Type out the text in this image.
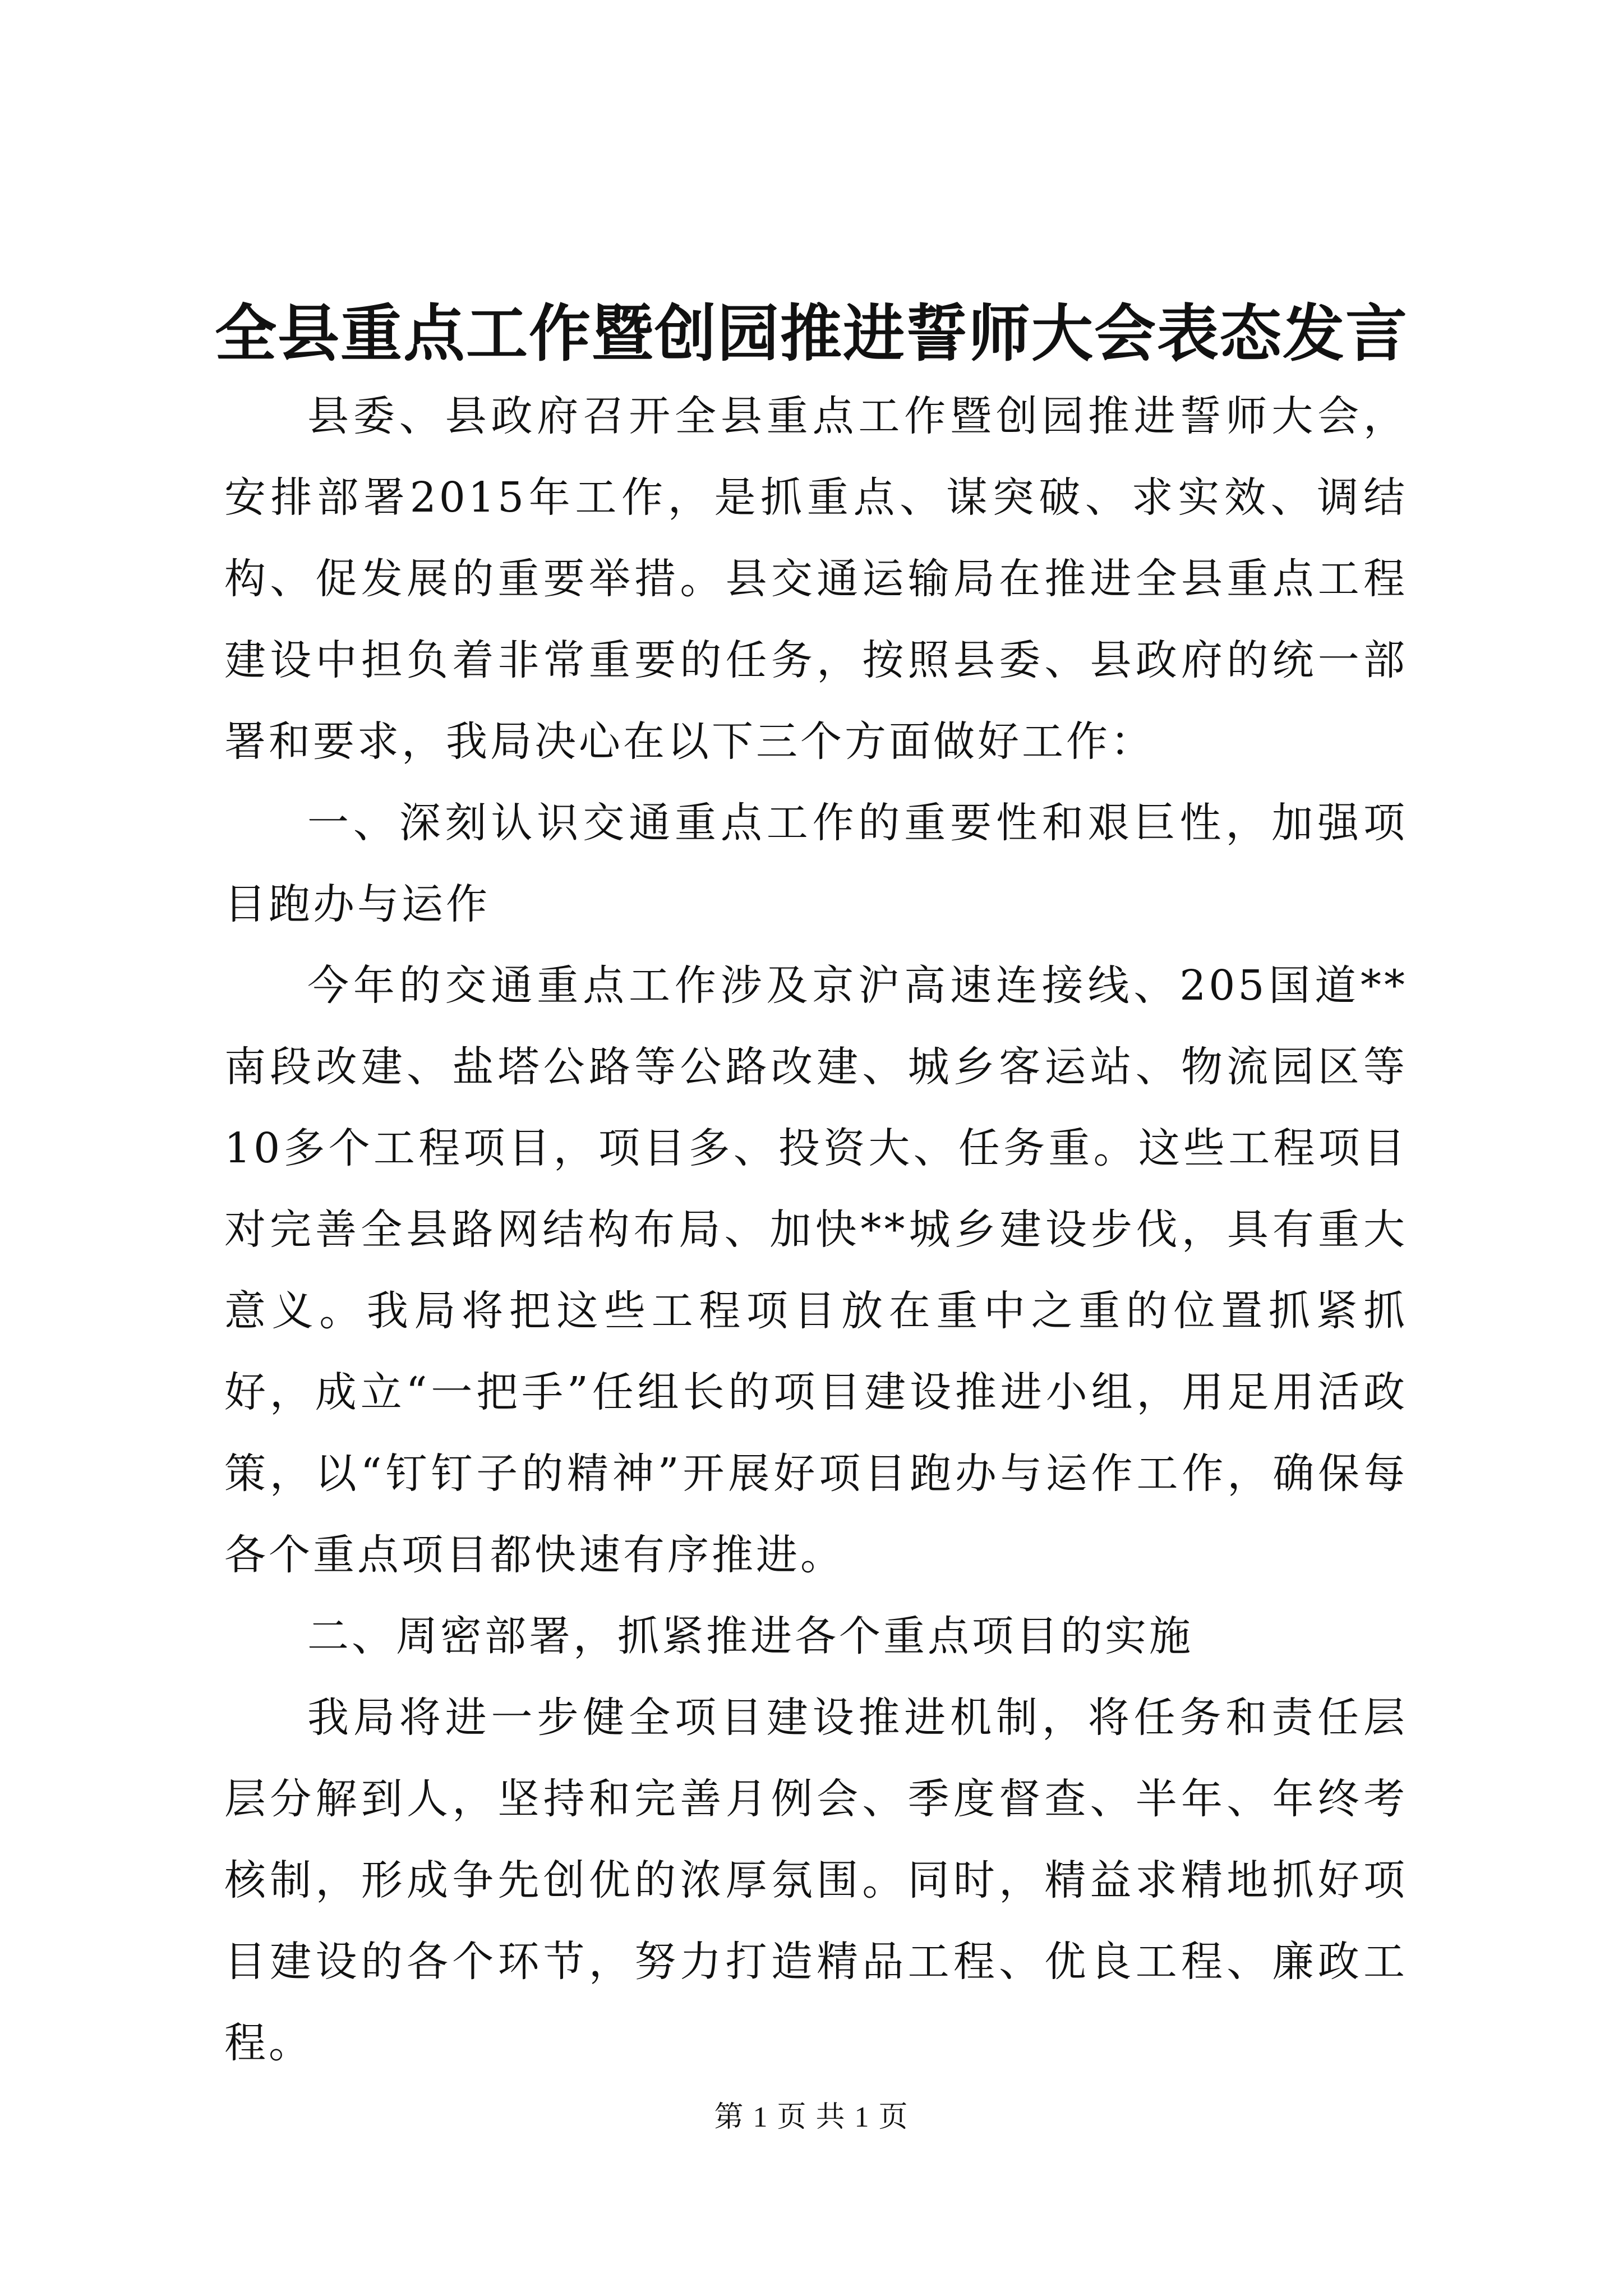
全县重点工作暨创园推进誓师大会表态发言

县委、县政府召开全县重点工作暨创园推进誓师大会，安排部署2015年工作，是抓重点、谋突破、求实效、调结构、促发展的重要举措。县交通运输局在推进全县重点工程建设中担负着非常重要的任务，按照县委、县政府的统一部署和要求，我局决心在以下三个方面做好工作：

一、深刻认识交通重点工作的重要性和艰巨性，加强项目跑办与运作

今年的交通重点工作涉及京沪高速连接线、205国道**南段改建、盐塔公路等公路改建、城乡客运站、物流园区等10多个工程项目，项目多、投资大、任务重。这些工程项目对完善全县路网结构布局、加快**城乡建设步伐，具有重大意义。我局将把这些工程项目放在重中之重的位置抓紧抓好，成立“一把手”任组长的项目建设推进小组，用足用活政策，以“钉钉子的精神”开展好项目跑办与运作工作，确保每各个重点项目都快速有序推进。

二、周密部署，抓紧推进各个重点项目的实施

我局将进一步健全项目建设推进机制，将任务和责任层层分解到人，坚持和完善月例会、季度督查、半年、年终考核制，形成争先创优的浓厚氛围。同时，精益求精地抓好项目建设的各个环节，努力打造精品工程、优良工程、廉政工程。

第 1 页 共 1 页
